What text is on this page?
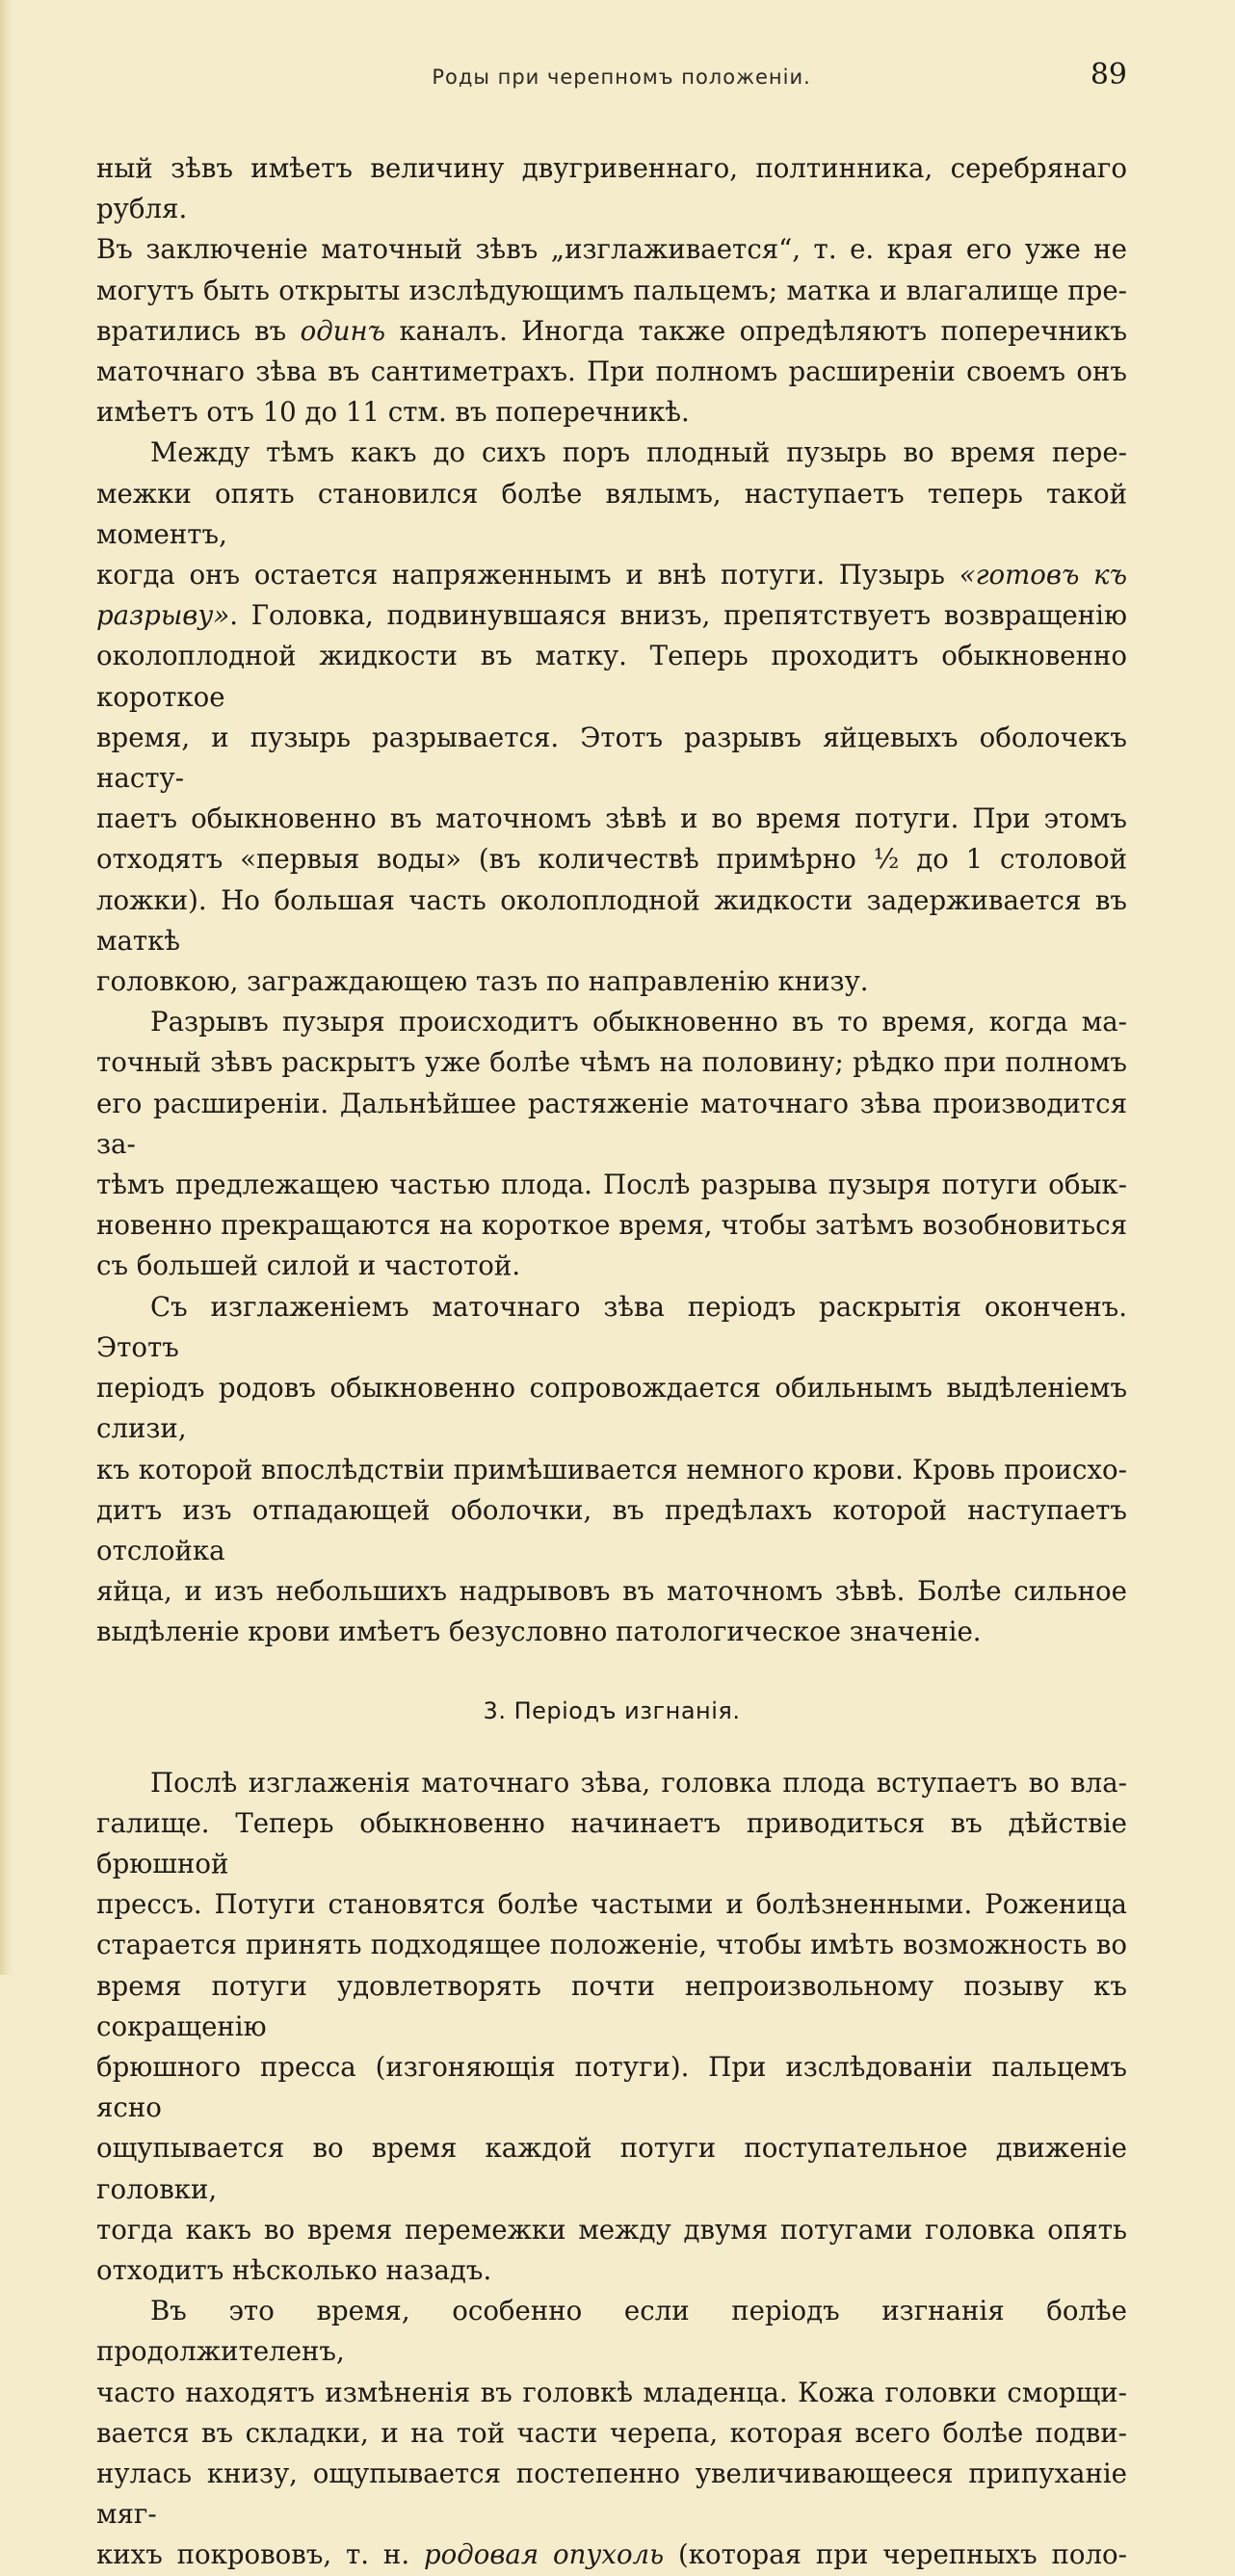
Роды при черепномъ положеніи.	89

ный зѣвъ имѣетъ величину двугривеннаго, полтинника, серебрянаго рубля.

Въ заключеніе маточный зѣвъ „изглаживается“, т. е. края его уже не

могутъ быть открыты изслѣдующимъ пальцемъ; матка и влагалище пре-

вратились въ одинъ каналъ. Иногда также опредѣляютъ поперечникъ

маточнаго зѣва въ сантиметрахъ. При полномъ расширеніи своемъ онъ

имѣетъ отъ 10 до 11 стм. въ поперечникѣ.

Между тѣмъ какъ до сихъ поръ плодный пузырь во время пере-

межки опять становился болѣе вялымъ, наступаетъ теперь такой моментъ,

когда онъ остается напряженнымъ и внѣ потуги. Пузырь «готовъ къ

разрыву». Головка, подвинувшаяся внизъ, препятствуетъ возвращенію

околоплодной жидкости въ матку. Теперь проходитъ обыкновенно короткое

время, и пузырь разрывается. Этотъ разрывъ яйцевыхъ оболочекъ насту-

паетъ обыкновенно въ маточномъ зѣвѣ и во время потуги. При этомъ

отходятъ «первыя воды» (въ количествѣ примѣрно ½ до 1 столовой

ложки). Но большая часть околоплодной жидкости задерживается въ маткѣ

головкою, заграждающею тазъ по направленію книзу.

Разрывъ пузыря происходитъ обыкновенно въ то время, когда ма-

точный зѣвъ раскрытъ уже болѣе чѣмъ на половину; рѣдко при полномъ

его расширеніи. Дальнѣйшее растяженіе маточнаго зѣва производится за-

тѣмъ предлежащею частью плода. Послѣ разрыва пузыря потуги обык-

новенно прекращаются на короткое время, чтобы затѣмъ возобновиться

съ большей силой и частотой.

Съ изглаженіемъ маточнаго зѣва періодъ раскрытія оконченъ. Этотъ

періодъ родовъ обыкновенно сопровождается обильнымъ выдѣленіемъ слизи,

къ которой впослѣдствіи примѣшивается немного крови. Кровь происхо-

дитъ изъ отпадающей оболочки, въ предѣлахъ которой наступаетъ отслойка

яйца, и изъ небольшихъ надрывовъ въ маточномъ зѣвѣ. Болѣе сильное

выдѣленіе крови имѣетъ безусловно патологическое значеніе.

3. Періодъ изгнанія.

Послѣ изглаженія маточнаго зѣва, головка плода вступаетъ во вла-

галище. Теперь обыкновенно начинаетъ приводиться въ дѣйствіе брюшной

прессъ. Потуги становятся болѣе частыми и болѣзненными. Роженица

старается принять подходящее положеніе, чтобы имѣть возможность во

время потуги удовлетворять почти непроизвольному позыву къ сокращенію

брюшного пресса (изгоняющія потуги). При изслѣдованіи пальцемъ ясно

ощупывается во время каждой потуги поступательное движеніе головки,

тогда какъ во время перемежки между двумя потугами головка опять

отходитъ нѣсколько назадъ.

Въ это время, особенно если періодъ изгнанія болѣе продолжителенъ,

часто находятъ измѣненія въ головкѣ младенца. Кожа головки сморщи-

вается въ складки, и на той части черепа, которая всего болѣе подви-

нулась книзу, ощупывается постепенно увеличивающееся припуханіе мяг-

кихъ покрововъ, т. н. родовая опухоль (которая при черепныхъ поло-
